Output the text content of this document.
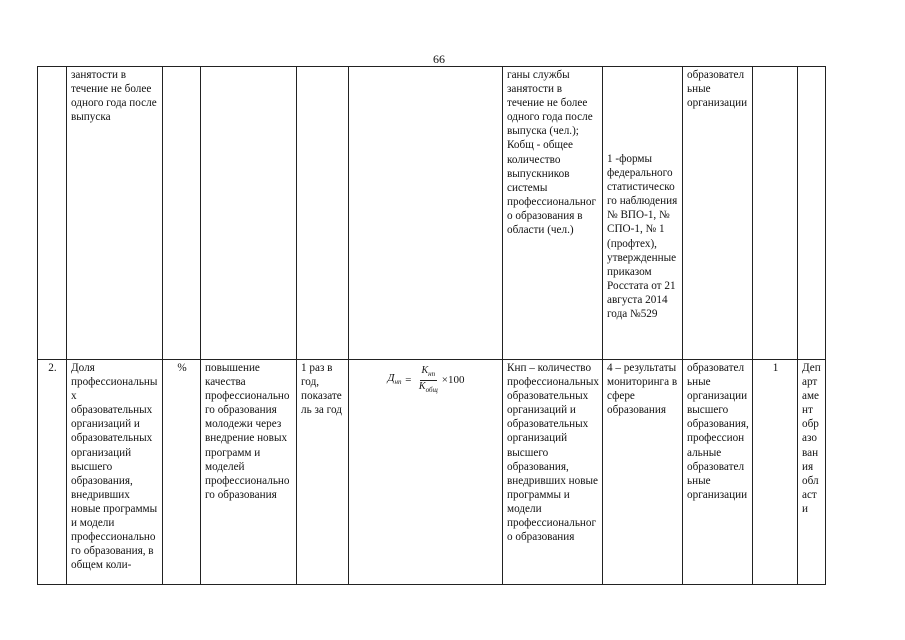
66
	занятости в течение не более одного года после выпуска					ганы службы занятости в течение не более одного года после выпуска (чел.);
Кобщ - общее количество выпускников системы профессионального образования в области (чел.)	1 -формы федерального статистического наблюдения № ВПО-1, № СПО-1, № 1 (профтех), утвержденные приказом Росстата от 21 августа 2014 года №529	образовательные организации		
2.	Доля профессиональных образовательных организаций и образовательных организаций высшего образования, внедривших новые программы и модели профессионального образования, в общем коли-	%	повышение качества профессионального образования молодежи через внедрение новых программ и моделей профессионального образования	1 раз в год, показатель за год	$Д_{нп} = \frac{К_{нп}}{К_{общ}} \times 100$	Кнп – количество профессиональных образовательных организаций и образовательных организаций высшего образования, внедривших новые программы и модели профессионального образования	4 – результаты мониторинга в сфере образования	образовательные организации высшего образования, профессиональные образовательные организации	1	Департамент образования области
